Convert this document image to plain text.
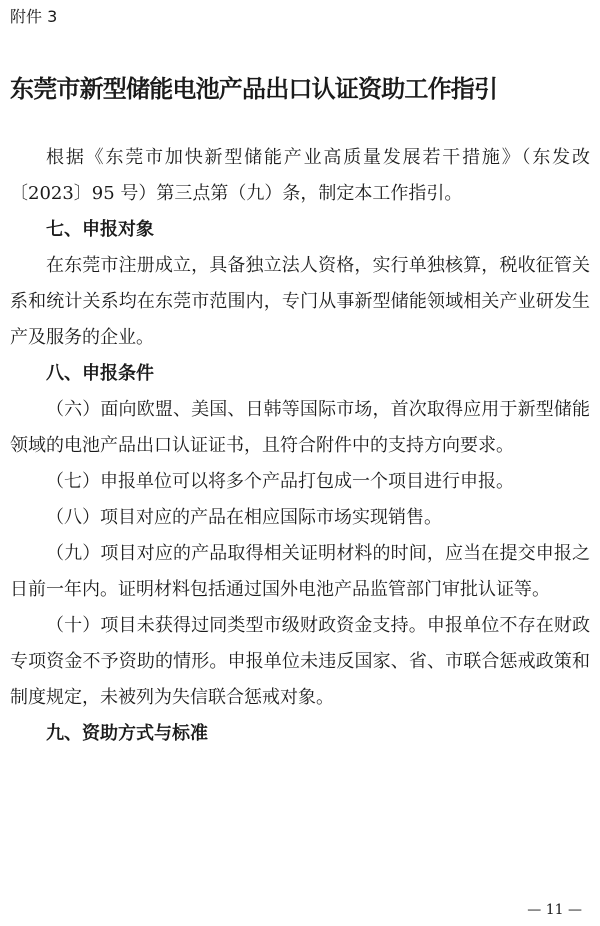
附件 3
东莞市新型储能电池产品出口认证资助工作指引

根据《东莞市加快新型储能产业高质量发展若干措施》（东发改〔2023〕95 号）第三点第（九）条，制定本工作指引。

七、申报对象

在东莞市注册成立，具备独立法人资格，实行单独核算，税收征管关系和统计关系均在东莞市范围内，专门从事新型储能领域相关产业研发生产及服务的企业。

八、申报条件

（六）面向欧盟、美国、日韩等国际市场，首次取得应用于新型储能领域的电池产品出口认证证书，且符合附件中的支持方向要求。

（七）申报单位可以将多个产品打包成一个项目进行申报。

（八）项目对应的产品在相应国际市场实现销售。

（九）项目对应的产品取得相关证明材料的时间，应当在提交申报之日前一年内。证明材料包括通过国外电池产品监管部门审批认证等。

（十）项目未获得过同类型市级财政资金支持。申报单位不存在财政专项资金不予资助的情形。申报单位未违反国家、省、市联合惩戒政策和制度规定，未被列为失信联合惩戒对象。

九、资助方式与标准

— 11 —
